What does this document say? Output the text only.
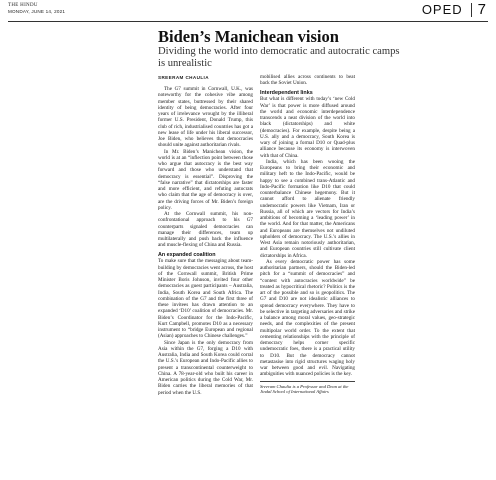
THE HINDU
MONDAY, JUNE 14, 2021	OPED 7
Biden’s Manichean vision
Dividing the world into democratic and autocratic camps is unrealistic
SREERAM CHAULIA

The G7 summit in Cornwall, U.K., was noteworthy for the cohesive vibe among member states, buttressed by their shared identity of being democracies. After four years of irrelevance wrought by the illiberal former U.S. President, Donald Trump, this club of rich, industrialised countries has got a new lease of life under his liberal successor, Joe Biden, who believes that democracies should unite against authoritarian rivals.

In Mr. Biden’s Manichean vision, the world is at an “inflection point between those who argue that autocracy is the best way forward and those who understand that democracy is essential”. Disproving the “false narrative” that dictatorships are faster and more efficient, and refuting autocrats who claim that the age of democracy is over, are the driving forces of Mr. Biden’s foreign policy.

At the Cornwall summit, his non-confrontational approach to his G7 counterparts signaled democracies can manage their differences, team up multilaterally and push back the influence and muscle-flexing of China and Russia.

An expanded coalition

To make sure that the messaging about team-building by democracies went across, the host of the Cornwall summit, British Prime Minister Boris Johnson, invited four other democracies as guest participants – Australia, India, South Korea and South Africa. The combination of the G7 and the first three of these invitees has drawn attention to an expanded ‘D10’ coalition of democracies. Mr. Biden’s Coordinator for the Indo-Pacific, Kurt Campbell, promotes D10 as a necessary instrument to “bridge European and regional (Asian) approaches to Chinese challenges.”

Since Japan is the only democracy from Asia within the G7, forging a D10 with Australia, India and South Korea could corral the U.S.’s European and Indo-Pacific allies to present a transcontinental counterweight to China. A 78-year-old who built his career in American politics during the Cold War, Mr. Biden carries the liberal memories of that period when the U.S.

mobilised allies across continents to beat back the Soviet Union.

Interdependent links

But what is different with today’s ‘new Cold War’ is that power is more diffused around the world and economic interdependence transcends a neat division of the world into black (dictatorships) and white (democracies). For example, despite being a U.S. ally and a democracy, South Korea is wary of joining a formal D10 or Quad-plus alliance because its economy is interwoven with that of China.

India, which has been wooing the Europeans to bring their economic and military heft to the Indo-Pacific, would be happy to see a combined trans-Atlantic and Indo-Pacific formation like D10 that could counterbalance Chinese hegemony. But it cannot afford to alienate friendly undemocratic powers like Vietnam, Iran or Russia, all of which are vectors for India’s ambitions of becoming a ‘leading power’ in the world. And for that matter, the Americans and Europeans are themselves not undiluted upholders of democracy. The U.S.’s allies in West Asia remain notoriously authoritarian, and European countries still cultivate client dictatorships in Africa.

As every democratic power has some authoritarian partners, should the Biden-led pitch for a “summit of democracies” and “contest with autocracies worldwide” be treated as hypocritical rhetoric? Politics is the art of the possible and so is geopolitics. The G7 and D10 are not idealistic alliances to spread democracy everywhere. They have to be selective in targeting adversaries and strike a balance among moral values, geo-strategic needs, and the complexities of the present multipolar world order. To the extent that cementing relationships with the principle of democracy helps corner specific undemocratic foes, there is a practical utility to D10. But the democracy cannot metastasise into rigid structures waging holy war between good and evil. Navigating ambiguities with nuanced policies is the key.

Sreeram Chaulia is a Professor and Dean at the Jindal School of International Affairs
